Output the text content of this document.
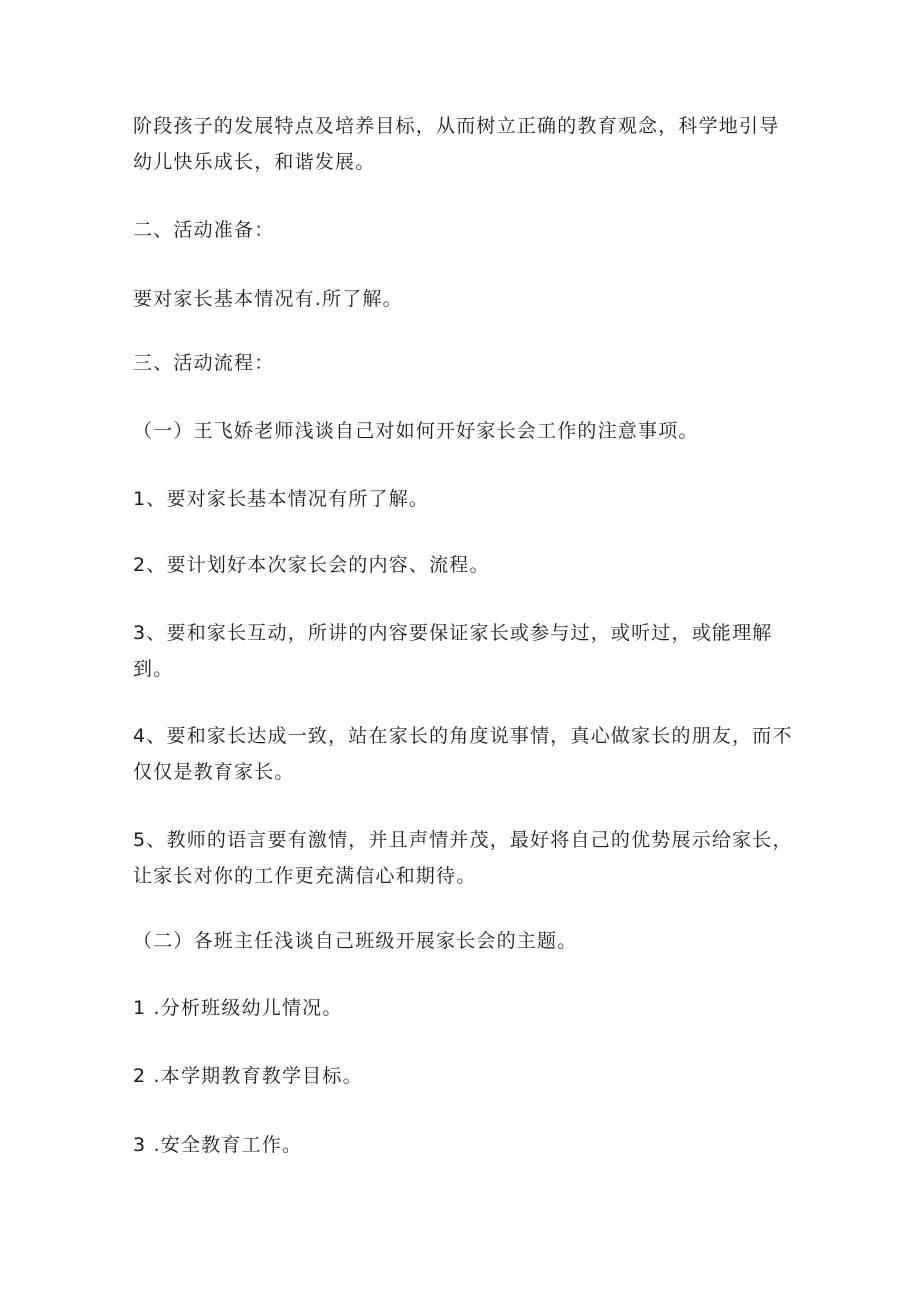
阶段孩子的发展特点及培养目标，从而树立正确的教育观念，科学地引导幼儿快乐成长，和谐发展。

二、活动准备：

要对家长基本情况有.所了解。

三、活动流程：

（一）王飞娇老师浅谈自己对如何开好家长会工作的注意事项。

1、要对家长基本情况有所了解。

2、要计划好本次家长会的内容、流程。

3、要和家长互动，所讲的内容要保证家长或参与过，或听过，或能理解到。

4、要和家长达成一致，站在家长的角度说事情，真心做家长的朋友，而不仅仅是教育家长。

5、教师的语言要有激情，并且声情并茂，最好将自己的优势展示给家长，让家长对你的工作更充满信心和期待。

（二）各班主任浅谈自己班级开展家长会的主题。

1 .分析班级幼儿情况。

2 .本学期教育教学目标。

3 .安全教育工作。
